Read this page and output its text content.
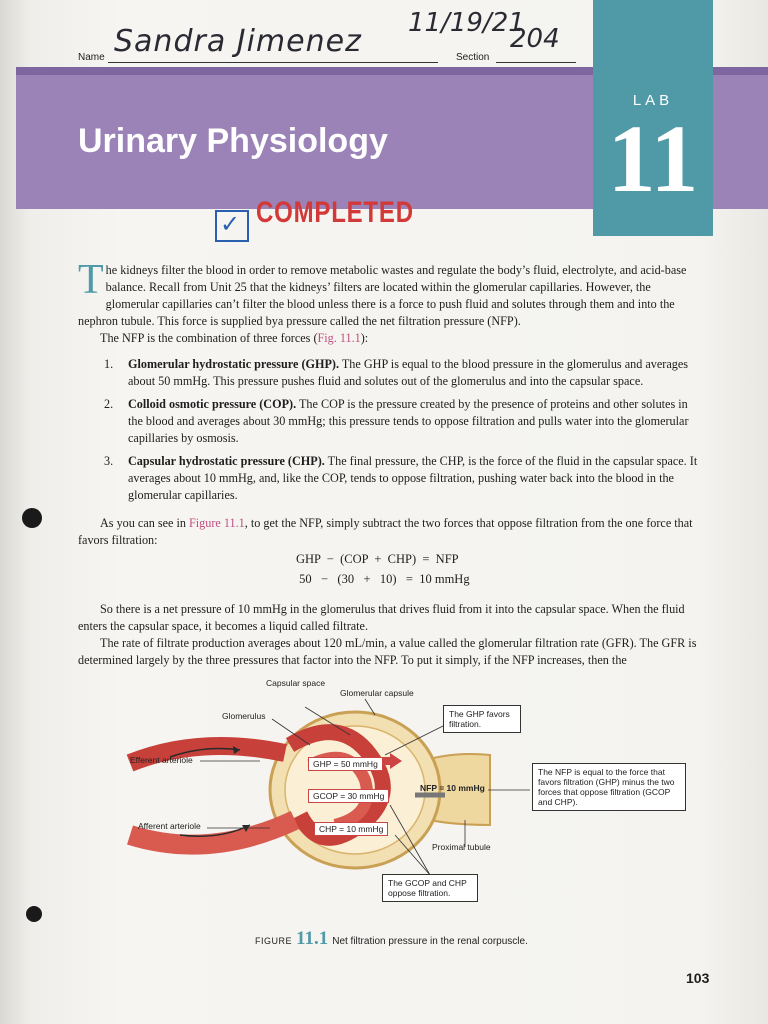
Name Sandra Jimenez
11/19/21
Section
204
Urinary Physiology
LAB
11
✓ COMPLETED

The kidneys filter the blood in order to remove metabolic wastes and regulate the body’s fluid, electrolyte, and acid-base balance. Recall from Unit 25 that the kidneys’ filters are located within the glomerular capillaries. However, the glomerular capillaries can’t filter the blood unless there is a force to push fluid and solutes through them and into the nephron tubule. This force is supplied bya pressure called the net filtration pressure (NFP).

The NFP is the combination of three forces (Fig. 11.1):

1. Glomerular hydrostatic pressure (GHP). The GHP is equal to the blood pressure in the glomerulus and averages about 50 mmHg. This pressure pushes fluid and solutes out of the glomerulus and into the capsular space.
2. Colloid osmotic pressure (COP). The COP is the pressure created by the presence of proteins and other solutes in the blood and averages about 30 mmHg; this pressure tends to oppose filtration and pulls water into the glomerular capillaries by osmosis.
3. Capsular hydrostatic pressure (CHP). The final pressure, the CHP, is the force of the fluid in the capsular space. It averages about 10 mmHg, and, like the COP, tends to oppose filtration, pushing water back into the blood in the glomerular capillaries.

As you can see in Figure 11.1, to get the NFP, simply subtract the two forces that oppose filtration from the one force that favors filtration:

GHP  −  (COP  +  CHP)  =  NFP
50   −   (30   +   10)   =  10 mmHg

So there is a net pressure of 10 mmHg in the glomerulus that drives fluid from it into the capsular space. When the fluid enters the capsular space, it becomes a liquid called filtrate.

The rate of filtrate production averages about 120 mL/min, a value called the glomerular filtration rate (GFR). The GFR is determined largely by the three pressures that factor into the NFP. To put it simply, if the NFP increases, then the

Capsular space
Glomerular capsule
Glomerulus
Efferent arteriole
Afferent arteriole
Proximal tubule
GHP = 50 mmHg
GCOP = 30 mmHg
CHP = 10 mmHg
NFP = 10 mmHg
The GHP favors filtration.
The NFP is equal to the force that favors filtration (GHP) minus the two forces that oppose filtration (GCOP and CHP).
The GCOP and CHP oppose filtration.
FIGURE 11.1 Net filtration pressure in the renal corpuscle.
103
